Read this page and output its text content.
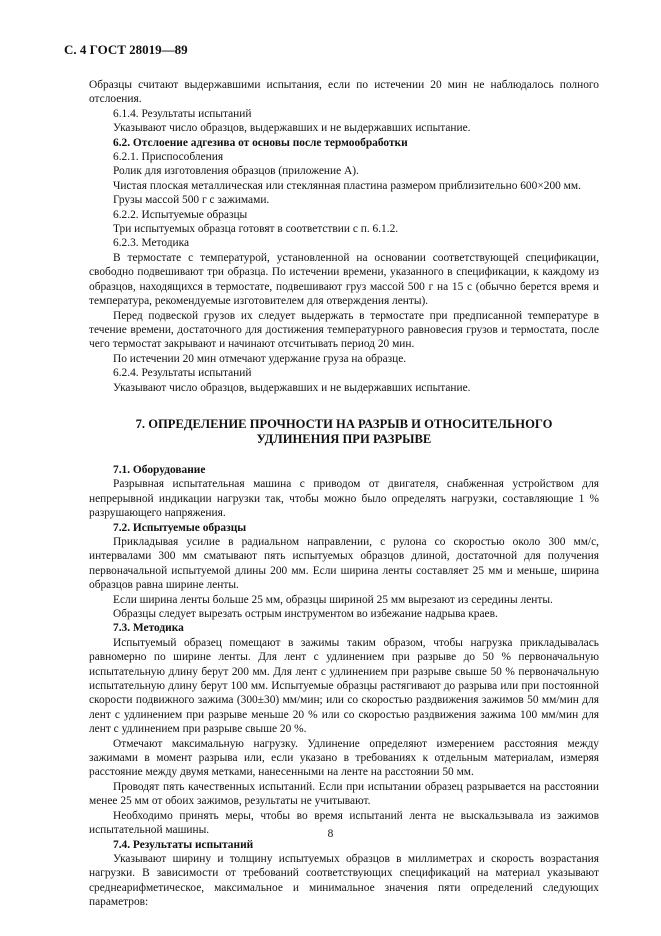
С. 4 ГОСТ 28019—89

Образцы считают выдержавшими испытания, если по истечении 20 мин не наблюдалось полного отслоения.

6.1.4. Результаты испытаний

Указывают число образцов, выдержавших и не выдержавших испытание.

6.2. Отслоение адгезива от основы после термообработки

6.2.1. Приспособления

Ролик для изготовления образцов (приложение А).

Чистая плоская металлическая или стеклянная пластина размером приблизительно 600×200 мм.

Грузы массой 500 г с зажимами.

6.2.2. Испытуемые образцы

Три испытуемых образца готовят в соответствии с п. 6.1.2.

6.2.3. Методика

В термостате с температурой, установленной на основании соответствующей спецификации, свободно подвешивают три образца. По истечении времени, указанного в спецификации, к каждому из образцов, находящихся в термостате, подвешивают груз массой 500 г на 15 с (обычно берется время и температура, рекомендуемые изготовителем для отверждения ленты).

Перед подвеской грузов их следует выдержать в термостате при предписанной температуре в течение времени, достаточного для достижения температурного равновесия грузов и термостата, после чего термостат закрывают и начинают отсчитывать период 20 мин.

По истечении 20 мин отмечают удержание груза на образце.

6.2.4. Результаты испытаний

Указывают число образцов, выдержавших и не выдержавших испытание.

7. ОПРЕДЕЛЕНИЕ ПРОЧНОСТИ НА РАЗРЫВ И ОТНОСИТЕЛЬНОГО УДЛИНЕНИЯ ПРИ РАЗРЫВЕ

7.1. Оборудование

Разрывная испытательная машина с приводом от двигателя, снабженная устройством для непрерывной индикации нагрузки так, чтобы можно было определять нагрузки, составляющие 1 % разрушающего напряжения.

7.2. Испытуемые образцы

Прикладывая усилие в радиальном направлении, с рулона со скоростью около 300 мм/с, интервалами 300 мм сматывают пять испытуемых образцов длиной, достаточной для получения первоначальной испытуемой длины 200 мм. Если ширина ленты составляет 25 мм и меньше, ширина образцов равна ширине ленты.

Если ширина ленты больше 25 мм, образцы шириной 25 мм вырезают из середины ленты.

Образцы следует вырезать острым инструментом во избежание надрыва краев.

7.3. Методика

Испытуемый образец помещают в зажимы таким образом, чтобы нагрузка прикладывалась равномерно по ширине ленты. Для лент с удлинением при разрыве до 50 % первоначальную испытательную длину берут 200 мм. Для лент с удлинением при разрыве свыше 50 % первоначальную испытательную длину берут 100 мм. Испытуемые образцы растягивают до разрыва или при постоянной скорости подвижного зажима (300±30) мм/мин; или со скоростью раздвижения зажимов 50 мм/мин для лент с удлинением при разрыве меньше 20 % или со скоростью раздвижения зажима 100 мм/мин для лент с удлинением при разрыве свыше 20 %.

Отмечают максимальную нагрузку. Удлинение определяют измерением расстояния между зажимами в момент разрыва или, если указано в требованиях к отдельным материалам, измеряя расстояние между двумя метками, нанесенными на ленте на расстоянии 50 мм.

Проводят пять качественных испытаний. Если при испытании образец разрывается на расстоянии менее 25 мм от обоих зажимов, результаты не учитывают.

Необходимо принять меры, чтобы во время испытаний лента не выскальзывала из зажимов испытательной машины.

7.4. Результаты испытаний

Указывают ширину и толщину испытуемых образцов в миллиметрах и скорость возрастания нагрузки. В зависимости от требований соответствующих спецификаций на материал указывают среднеарифметическое, максимальное и минимальное значения пяти определений следующих параметров:

8
